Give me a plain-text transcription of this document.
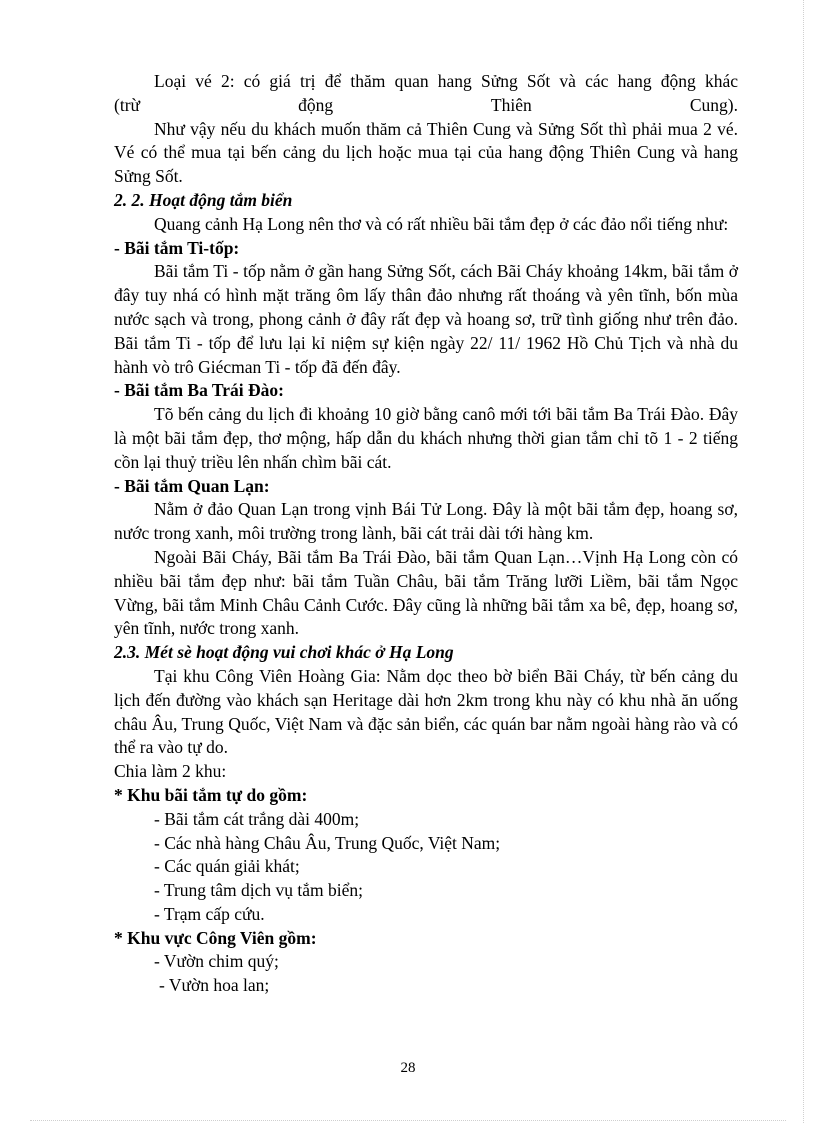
Loại vé 2: có giá trị để thăm quan hang Sửng Sốt và các hang động khác

(trừ động Thiên Cung).

Như vậy nếu du khách muốn thăm cả Thiên Cung và Sửng Sốt thì phải mua 2 vé. Vé có thể mua tại bến cảng du lịch hoặc mua tại của hang động Thiên Cung và hang Sửng Sốt.

2. 2. Hoạt động tắm biển

Quang cảnh Hạ Long nên thơ và có rất nhiều bãi tắm đẹp ở các đảo nổi tiếng như:

- Bãi tắm Ti-tốp:

Bãi tắm Ti - tốp nằm ở gần hang Sửng Sốt, cách Bãi Cháy khoảng 14km, bãi tắm ở đây tuy nhá có hình mặt trăng ôm lấy thân đảo nhưng rất thoáng và yên tĩnh, bốn mùa nước sạch và trong, phong cảnh ở đây rất đẹp và hoang sơ, trữ tình giống như trên đảo. Bãi tắm Ti - tốp để lưu lại kỉ niệm sự kiện ngày 22/ 11/ 1962 Hồ Chủ Tịch và nhà du hành vò trô Giécman Ti - tốp đã đến đây.

- Bãi tắm Ba Trái Đào:

Tõ bến cảng du lịch đi khoảng 10 giờ bằng canô mới tới bãi tắm Ba Trái Đào. Đây là một bãi tắm đẹp, thơ mộng, hấp dẫn du khách nhưng thời gian tắm chỉ tõ 1 - 2 tiếng cồn lại thuỷ triều lên nhấn chìm bãi cát.

- Bãi tắm Quan Lạn:

Nằm ở đảo Quan Lạn trong vịnh Bái Tử Long. Đây là một bãi tắm đẹp, hoang sơ, nước trong xanh, môi trường trong lành, bãi cát trải dài tới hàng km.

Ngoài Bãi Cháy, Bãi tắm Ba Trái Đào, bãi tắm Quan Lạn…Vịnh Hạ Long còn có nhiều bãi tắm đẹp như: bãi tắm Tuần Châu, bãi tắm Trăng lưỡi Liềm, bãi tắm Ngọc Vừng, bãi tắm Minh Châu Cảnh Cước. Đây cũng là những bãi tắm xa bê, đẹp, hoang sơ, yên tĩnh, nước trong xanh.

2.3. Mét sè hoạt động vui chơi khác ở Hạ Long

Tại khu Công Viên Hoàng Gia: Nằm dọc theo bờ biển Bãi Cháy, từ bến cảng du lịch đến đường vào khách sạn Heritage dài hơn 2km trong khu này có khu nhà ăn uống châu Âu, Trung Quốc, Việt Nam và đặc sản biển, các quán bar nằm ngoài hàng rào và có thể ra vào tự do.

Chia làm 2 khu:

* Khu bãi tắm tự do gồm:

- Bãi tắm cát trắng dài 400m;

- Các nhà hàng Châu Âu, Trung Quốc, Việt Nam;

- Các quán giải khát;

- Trung tâm dịch vụ tắm biển;

- Trạm cấp cứu.

* Khu vực Công Viên gồm:

- Vườn chim quý;

- Vườn hoa lan;

28
